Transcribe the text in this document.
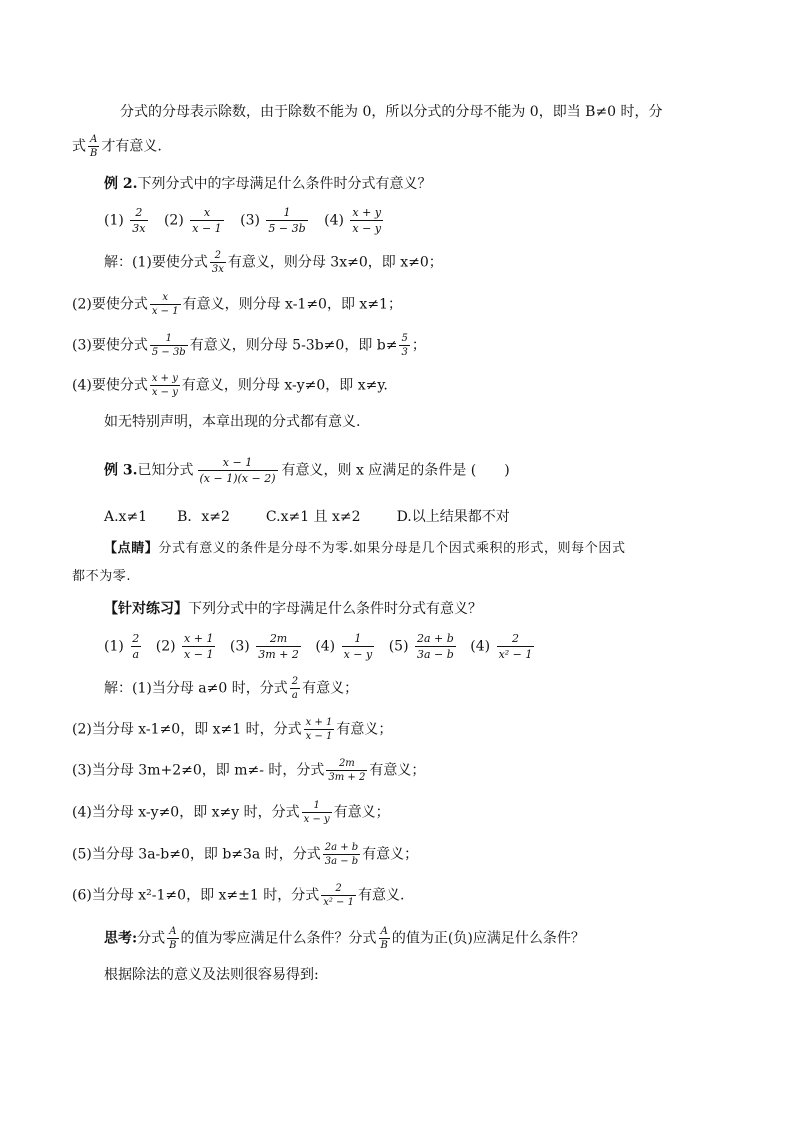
分式的分母表示除数，由于除数不能为 0，所以分式的分母不能为 0，即当 B≠0 时，分
式 $\frac{A}{B}$ 才有意义.
例 2.下列分式中的字母满足什么条件时分式有意义？
$(1) \frac{2}{3x} (2) \frac{x}{x - 1} (3) \frac{1}{5 - 3b} (4) \frac{x + y}{x - y}$
解：(1)要使分式 $\frac{2}{3x}$ 有意义，则分母 3x≠0，即 x≠0；
(2)要使分式 $\frac{x}{x - 1}$ 有意义，则分母 x-1≠0，即 x≠1；
(3)要使分式 $\frac{1}{5 - 3b}$ 有意义，则分母 5-3b≠0，即 $b\ne \frac{5}{3}$ ；
(4)要使分式 $\frac{x + y}{x - y}$ 有意义，则分母 x-y≠0，即 x≠y.
如无特别声明，本章出现的分式都有意义.
例 3.已知分式 $\frac{x - 1}{(x - 1)(x - 2)}$ 有意义，则 x 应满足的条件是 (　　)
A.x≠1 B．x≠2	C.x≠1 且 x≠2	D.以上结果都不对
【点睛】分式有意义的条件是分母不为零.如果分母是几个因式乘积的形式，则每个因式
都不为零.
【针对练习】下列分式中的字母满足什么条件时分式有意义？
$(1) \frac{2}{a} (2) \frac{x + 1}{x - 1} (3) \frac{2m}{3m + 2} (4) \frac{1}{x - y} (5) \frac{2a + b}{3a - b} (4) \frac{2}{\text{x² − 1}}$
解：(1)当分母 a≠0 时，分式 $\frac{2}{a}$ 有意义；
(2)当分母 x-1≠0，即 x≠1 时，分式 $\frac{x + 1}{x - 1}$ 有意义；
(3)当分母 3m+2≠0，即 m≠- 时，分式 $\frac{2m}{3m + 2}$ 有意义；
(4)当分母 x-y≠0，即 x≠y 时，分式 $\frac{1}{x - y}$ 有意义；
(5)当分母 3a-b≠0，即 b≠3a 时，分式 $\frac{2a + b}{3a - b}$ 有意义；
(6)当分母 x²-1≠0，即 x≠±1 时，分式 $\frac{2}{\text{x² − 1}}$ 有意义.
思考:分式 $\frac{A}{B}$ 的值为零应满足什么条件？分式 $\frac{A}{B}$ 的值为正(负)应满足什么条件？
根据除法的意义及法则很容易得到:
